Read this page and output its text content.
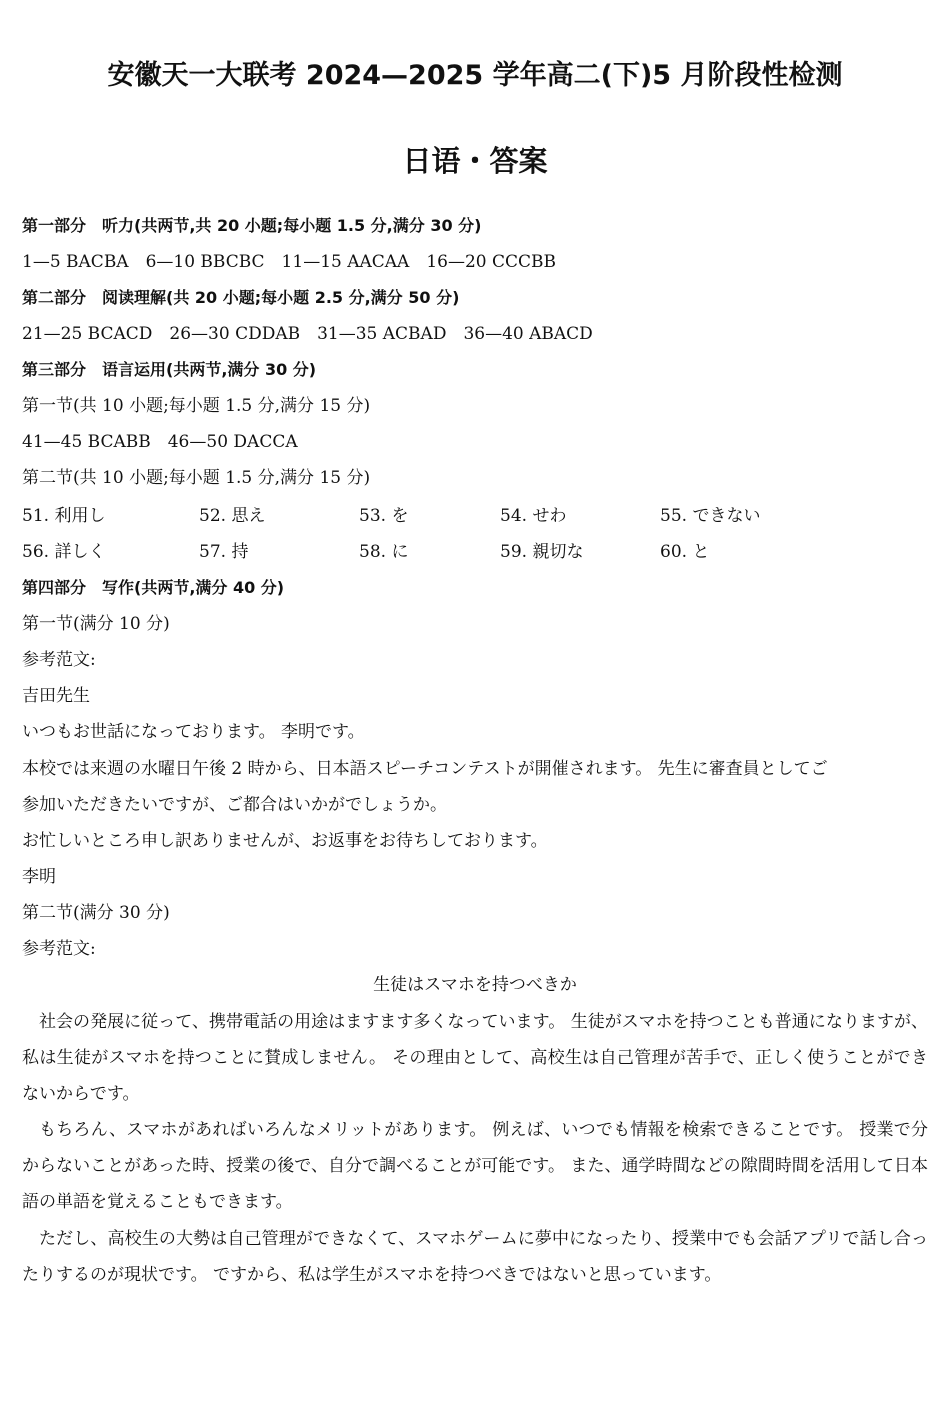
安徽天一大联考 2024—2025 学年高二(下)5 月阶段性检测
日语・答案
第一部分　听力(共两节,共 20 小题;每小题 1.5 分,满分 30 分)
1—5 BACBA　6—10 BBCBC　11—15 AACAA　16—20 CCCBB
第二部分　阅读理解(共 20 小题;每小题 2.5 分,满分 50 分)
21—25 BCACD　26—30 CDDAB　31—35 ACBAD　36—40 ABACD
第三部分　语言运用(共两节,满分 30 分)
第一节(共 10 小题;每小题 1.5 分,满分 15 分)
41—45 BCABB　46—50 DACCA
第二节(共 10 小题;每小题 1.5 分,满分 15 分)
51. 利用し	52. 思え	53. を	54. せわ	55. できない
56. 詳しく	57. 持	58. に	59. 親切な	60. と
第四部分　写作(共两节,满分 40 分)
第一节(满分 10 分)
参考范文:
吉田先生
いつもお世話になっております。 李明です。
本校では来週の水曜日午後 2 時から、日本語スピーチコンテストが開催されます。 先生に審査員としてご
参加いただきたいですが、ご都合はいかがでしょうか。
お忙しいところ申し訳ありませんが、お返事をお待ちしております。
李明
第二节(满分 30 分)
参考范文:
生徒はスマホを持つべきか

社会の発展に従って、携帯電話の用途はますます多くなっています。 生徒がスマホを持つことも普通になりますが、私は生徒がスマホを持つことに賛成しません。 その理由として、高校生は自己管理が苦手で、正しく使うことができないからです。

もちろん、スマホがあればいろんなメリットがあります。 例えば、いつでも情報を検索できることです。 授業で分からないことがあった時、授業の後で、自分で調べることが可能です。 また、通学時間などの隙間時間を活用して日本語の単語を覚えることもできます。

ただし、高校生の大勢は自己管理ができなくて、スマホゲームに夢中になったり、授業中でも会話アプリで話し合ったりするのが現状です。 ですから、私は学生がスマホを持つべきではないと思っています。
